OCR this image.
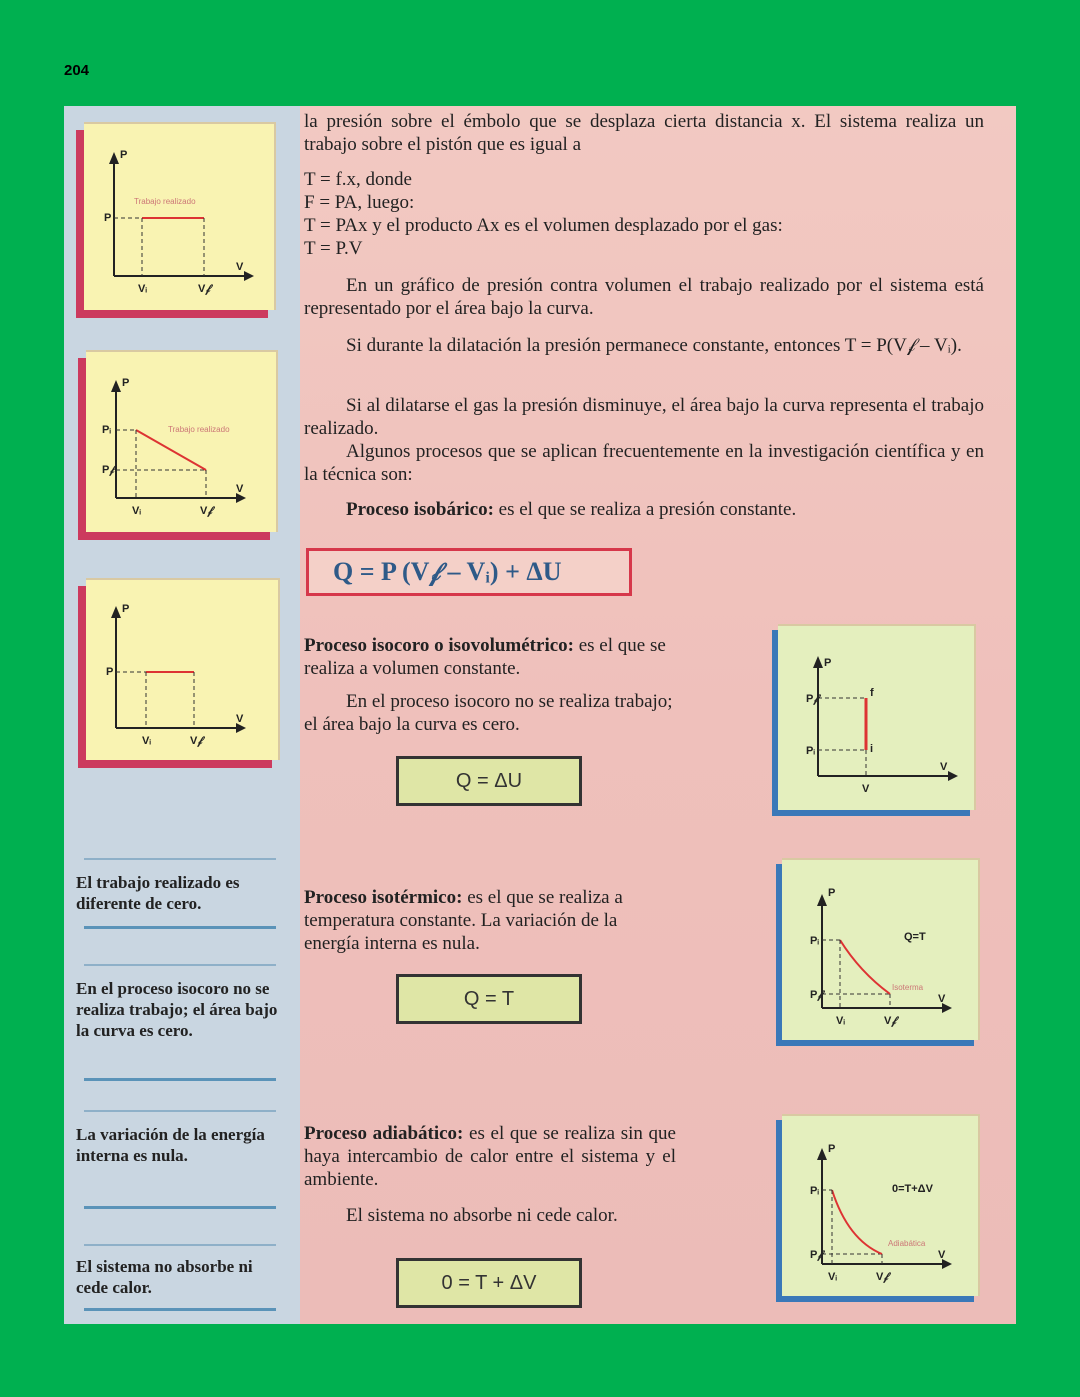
204
P
P
V
Vᵢ	V𝒻
Trabajo realizado
P
Pᵢ
P𝒻
V
Vᵢ	V𝒻
Trabajo realizado
P
P
V
Vᵢ	V𝒻
El trabajo realizado es diferente de cero.
En el proceso isocoro no se realiza trabajo; el área bajo la curva es cero.
La variación de la energía interna es nula.
El sistema no absorbe ni cede calor.
la presión sobre el émbolo que se desplaza cierta distancia x. El sistema realiza un trabajo sobre el pistón que es igual a
T = f.x, donde
F = PA, luego:
T = PAx y el producto Ax es el volumen desplazado por el gas:
T = P.V
En un gráfico de presión contra volumen el trabajo realizado por el sistema está representado por el área bajo la curva.
Si durante la dilatación la presión permanece constante, entonces T = P(V𝒻 – Vᵢ).
Si al dilatarse el gas la presión disminuye, el área bajo la curva representa el trabajo realizado.
Algunos procesos que se aplican frecuentemente en la investigación científica y en la técnica son:
Proceso isobárico: es el que se realiza a presión constante.
Q = P (V𝒻 – Vᵢ) + ΔU
Proceso isocoro o isovolumétrico: es el que se realiza a volumen constante.
En el proceso isocoro no se realiza trabajo; el área bajo la curva es cero.
Q = ΔU
P
P𝒻
Pᵢ
f
i
V
V
Proceso isotérmico: es el que se realiza a temperatura constante. La variación de la energía interna es nula.
Q = T
P
Pᵢ
P𝒻	V
Vᵢ	V𝒻
Q=T
Isoterma
Proceso adiabático: es el que se realiza sin que haya intercambio de calor entre el sistema y el ambiente.
El sistema no absorbe ni cede calor.
0 = T + ΔV
P
Pᵢ
P𝒻	V
Vᵢ	V𝒻
0=T+ΔV
Adiabática
